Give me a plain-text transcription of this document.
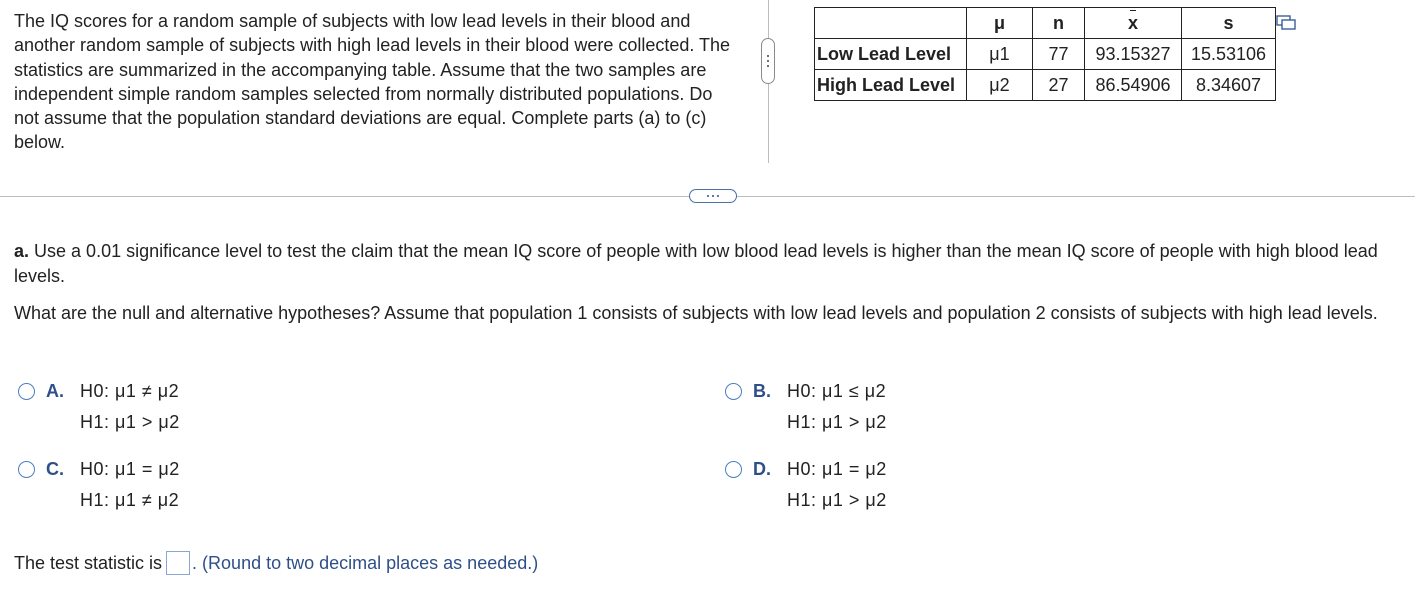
The IQ scores for a random sample of subjects with low lead levels in their blood and another random sample of subjects with high lead levels in their blood were collected. The statistics are summarized in the accompanying table. Assume that the two samples are independent simple random samples selected from normally distributed populations. Do not assume that the population standard deviations are equal. Complete parts (a) to (c) below.
	μ	n	x	s
Low Lead Level	μ1	77	93.15327	15.53106
High Lead Level	μ2	27	86.54906	8.34607
a. Use a 0.01 significance level to test the claim that the mean IQ score of people with low blood lead levels is higher than the mean IQ score of people with high blood lead levels.
What are the null and alternative hypotheses? Assume that population 1 consists of subjects with low lead levels and population 2 consists of subjects with high lead levels.
A. H0: μ1 ≠ μ2
H1: μ1 > μ2
B. H0: μ1 ≤ μ2
H1: μ1 > μ2
C. H0: μ1 = μ2
H1: μ1 ≠ μ2
D. H0: μ1 = μ2
H1: μ1 > μ2
The test statistic is . (Round to two decimal places as needed.)
